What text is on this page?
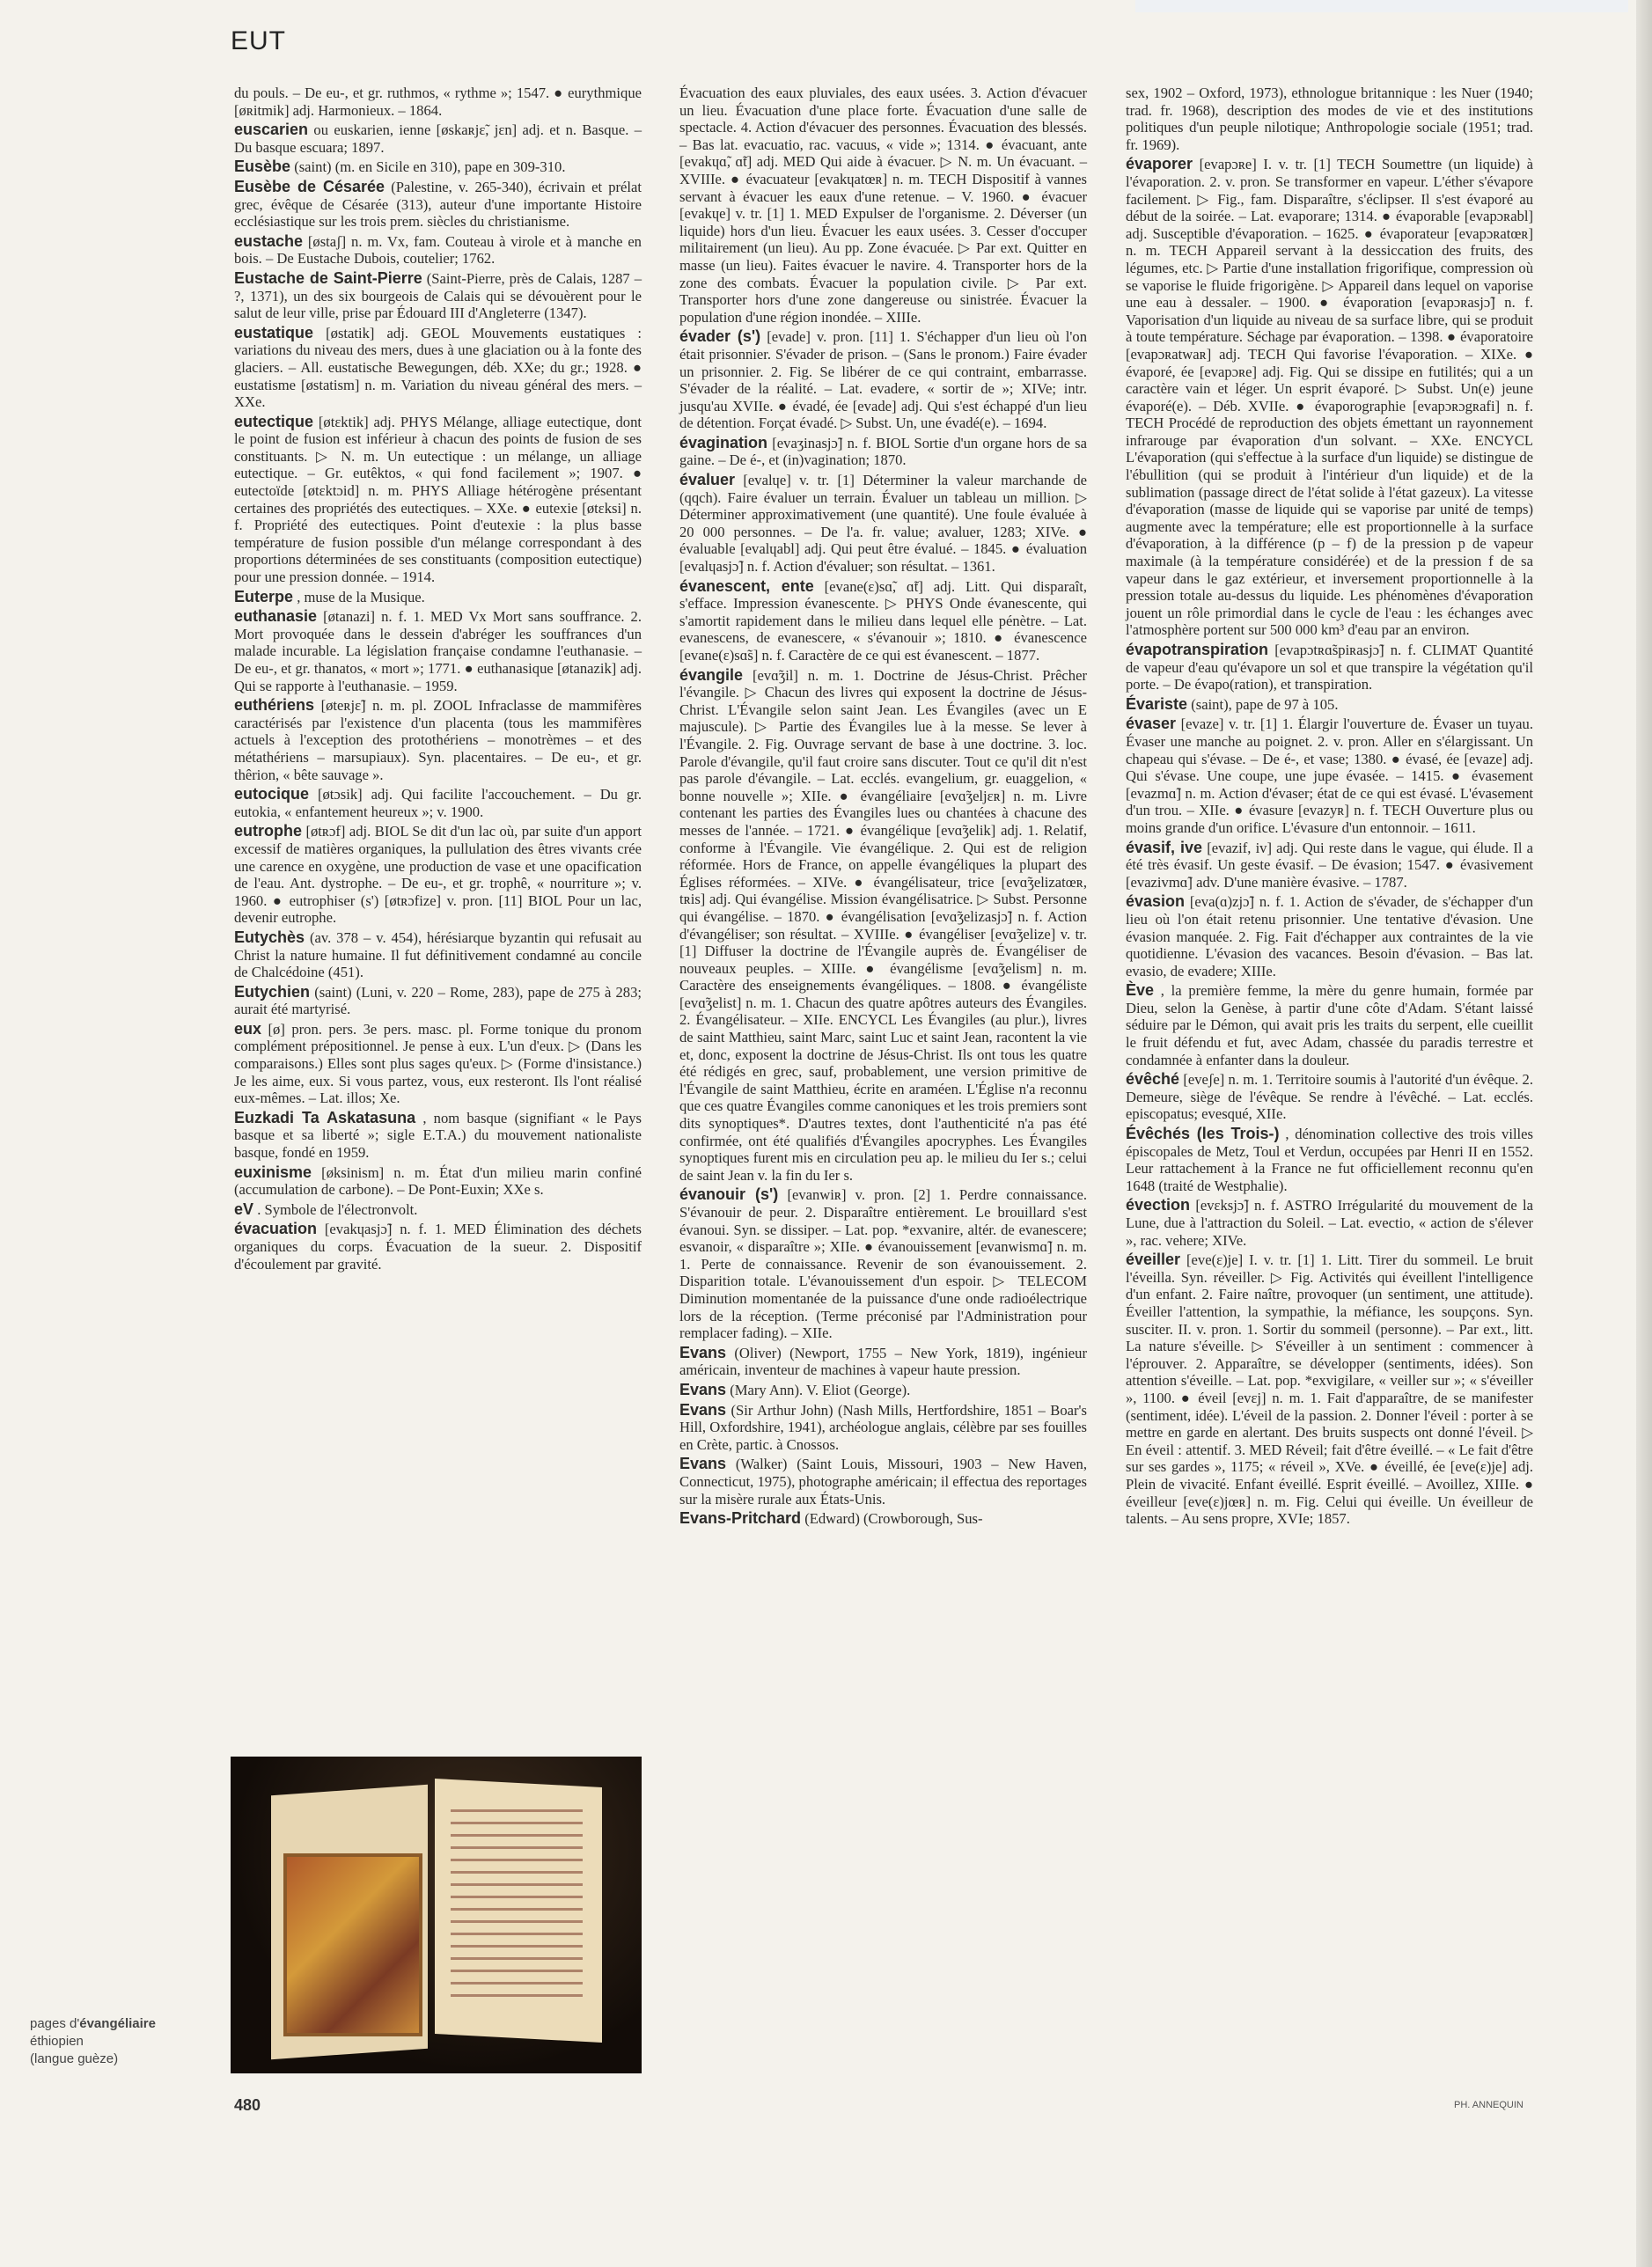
EUT

du pouls. – De eu-, et gr. ruthmos, « rythme »; 1547. ● eurythmique [øʀitmik] adj. Harmonieux. – 1864.

euscarien ou euskarien, ienne [øskaʀjɛ̃, jɛn] adj. et n. Basque. – Du basque escuara; 1897.

Eusèbe (saint) (m. en Sicile en 310), pape en 309-310.

Eusèbe de Césarée (Palestine, v. 265-340), écrivain et prélat grec, évêque de Césarée (313), auteur d'une importante Histoire ecclésiastique sur les trois prem. siècles du christianisme.

eustache [østaʃ] n. m. Vx, fam. Couteau à virole et à manche en bois. – De Eustache Dubois, coutelier; 1762.

Eustache de Saint-Pierre (Saint-Pierre, près de Calais, 1287 – ?, 1371), un des six bourgeois de Calais qui se dévouèrent pour le salut de leur ville, prise par Édouard III d'Angleterre (1347).

eustatique [østatik] adj. GEOL Mouvements eustatiques : variations du niveau des mers, dues à une glaciation ou à la fonte des glaciers. – All. eustatische Bewegungen, déb. XXe; du gr.; 1928. ● eustatisme [østatism] n. m. Variation du niveau général des mers. – XXe.

eutectique [øtɛktik] adj. PHYS Mélange, alliage eutectique, dont le point de fusion est inférieur à chacun des points de fusion de ses constituants. ▷ N. m. Un eutectique : un mélange, un alliage eutectique. – Gr. eutêktos, « qui fond facilement »; 1907. ● eutectoïde [øtɛktɔid] n. m. PHYS Alliage hétérogène présentant certaines des propriétés des eutectiques. – XXe. ● eutexie [øtɛksi] n. f. Propriété des eutectiques. Point d'eutexie : la plus basse température de fusion possible d'un mélange correspondant à des proportions déterminées de ses constituants (composition eutectique) pour une pression donnée. – 1914.

Euterpe , muse de la Musique.

euthanasie [øtanazi] n. f. 1. MED Vx Mort sans souffrance. 2. Mort provoquée dans le dessein d'abréger les souffrances d'un malade incurable. La législation française condamne l'euthanasie. – De eu-, et gr. thanatos, « mort »; 1771. ● euthanasique [øtanazik] adj. Qui se rapporte à l'euthanasie. – 1959.

euthériens [øteʀjɛ̃] n. m. pl. ZOOL Infraclasse de mammifères caractérisés par l'existence d'un placenta (tous les mammifères actuels à l'exception des protothériens – monotrèmes – et des métathériens – marsupiaux). Syn. placentaires. – De eu-, et gr. thêrion, « bête sauvage ».

eutocique [øtɔsik] adj. Qui facilite l'accouchement. – Du gr. eutokia, « enfantement heureux »; v. 1900.

eutrophe [øtʀɔf] adj. BIOL Se dit d'un lac où, par suite d'un apport excessif de matières organiques, la pullulation des êtres vivants crée une carence en oxygène, une production de vase et une opacification de l'eau. Ant. dystrophe. – De eu-, et gr. trophê, « nourriture »; v. 1960. ● eutrophiser (s') [øtʀɔfize] v. pron. [11] BIOL Pour un lac, devenir eutrophe.

Eutychès (av. 378 – v. 454), hérésiarque byzantin qui refusait au Christ la nature humaine. Il fut définitivement condamné au concile de Chalcédoine (451).

Eutychien (saint) (Luni, v. 220 – Rome, 283), pape de 275 à 283; aurait été martyrisé.

eux [ø] pron. pers. 3e pers. masc. pl. Forme tonique du pronom complément prépositionnel. Je pense à eux. L'un d'eux. ▷ (Dans les comparaisons.) Elles sont plus sages qu'eux. ▷ (Forme d'insistance.) Je les aime, eux. Si vous partez, vous, eux resteront. Ils l'ont réalisé eux-mêmes. – Lat. illos; Xe.

Euzkadi Ta Askatasuna , nom basque (signifiant « le Pays basque et sa liberté »; sigle E.T.A.) du mouvement nationaliste basque, fondé en 1959.

euxinisme [øksinism] n. m. État d'un milieu marin confiné (accumulation de carbone). – De Pont-Euxin; XXe s.

eV . Symbole de l'électronvolt.

évacuation [evakɥasjɔ̃] n. f. 1. MED Élimination des déchets organiques du corps. Évacuation de la sueur. 2. Dispositif d'écoulement par gravité.

Évacuation des eaux pluviales, des eaux usées. 3. Action d'évacuer un lieu. Évacuation d'une place forte. Évacuation d'une salle de spectacle. 4. Action d'évacuer des personnes. Évacuation des blessés. – Bas lat. evacuatio, rac. vacuus, « vide »; 1314. ● évacuant, ante [evakɥɑ̃, ɑ̃t] adj. MED Qui aide à évacuer. ▷ N. m. Un évacuant. – XVIIIe. ● évacuateur [evakɥatœʀ] n. m. TECH Dispositif à vannes servant à évacuer les eaux d'une retenue. – V. 1960. ● évacuer [evakɥe] v. tr. [1] 1. MED Expulser de l'organisme. 2. Déverser (un liquide) hors d'un lieu. Évacuer les eaux usées. 3. Cesser d'occuper militairement (un lieu). Au pp. Zone évacuée. ▷ Par ext. Quitter en masse (un lieu). Faites évacuer le navire. 4. Transporter hors de la zone des combats. Évacuer la population civile. ▷ Par ext. Transporter hors d'une zone dangereuse ou sinistrée. Évacuer la population d'une région inondée. – XIIIe.

évader (s') [evade] v. pron. [11] 1. S'échapper d'un lieu où l'on était prisonnier. S'évader de prison. – (Sans le pronom.) Faire évader un prisonnier. 2. Fig. Se libérer de ce qui contraint, embarrasse. S'évader de la réalité. – Lat. evadere, « sortir de »; XIVe; intr. jusqu'au XVIIe. ● évadé, ée [evade] adj. Qui s'est échappé d'un lieu de détention. Forçat évadé. ▷ Subst. Un, une évadé(e). – 1694.

évagination [evaʒinasjɔ̃] n. f. BIOL Sortie d'un organe hors de sa gaine. – De é-, et (in)vagination; 1870.

évaluer [evalɥe] v. tr. [1] Déterminer la valeur marchande de (qqch). Faire évaluer un terrain. Évaluer un tableau un million. ▷ Déterminer approximativement (une quantité). Une foule évaluée à 20 000 personnes. – De l'a. fr. value; avaluer, 1283; XIVe. ● évaluable [evalɥabl] adj. Qui peut être évalué. – 1845. ● évaluation [evalɥasjɔ̃] n. f. Action d'évaluer; son résultat. – 1361.

évanescent, ente [evane(ɛ)sɑ̃, ɑ̃t] adj. Litt. Qui disparaît, s'efface. Impression évanescente. ▷ PHYS Onde évanescente, qui s'amortit rapidement dans le milieu dans lequel elle pénètre. – Lat. evanescens, de evanescere, « s'évanouir »; 1810. ● évanescence [evane(ɛ)sɑ̃s] n. f. Caractère de ce qui est évanescent. – 1877.

évangile [evɑ̃ʒil] n. m. 1. Doctrine de Jésus-Christ. Prêcher l'évangile. ▷ Chacun des livres qui exposent la doctrine de Jésus-Christ. L'Évangile selon saint Jean. Les Évangiles (avec un E majuscule). ▷ Partie des Évangiles lue à la messe. Se lever à l'Évangile. 2. Fig. Ouvrage servant de base à une doctrine. 3. loc. Parole d'évangile, qu'il faut croire sans discuter. Tout ce qu'il dit n'est pas parole d'évangile. – Lat. ecclés. evangelium, gr. euaggelion, « bonne nouvelle »; XIIe. ● évangéliaire [evɑ̃ʒeljɛʀ] n. m. Livre contenant les parties des Évangiles lues ou chantées à chacune des messes de l'année. – 1721. ● évangélique [evɑ̃ʒelik] adj. 1. Relatif, conforme à l'Évangile. Vie évangélique. 2. Qui est de religion réformée. Hors de France, on appelle évangéliques la plupart des Églises réformées. – XIVe. ● évangélisateur, trice [evɑ̃ʒelizatœʀ, tʀis] adj. Qui évangélise. Mission évangélisatrice. ▷ Subst. Personne qui évangélise. – 1870. ● évangélisation [evɑ̃ʒelizasjɔ̃] n. f. Action d'évangéliser; son résultat. – XVIIIe. ● évangéliser [evɑ̃ʒelize] v. tr. [1] Diffuser la doctrine de l'Évangile auprès de. Évangéliser de nouveaux peuples. – XIIIe. ● évangélisme [evɑ̃ʒelism] n. m. Caractère des enseignements évangéliques. – 1808. ● évangéliste [evɑ̃ʒelist] n. m. 1. Chacun des quatre apôtres auteurs des Évangiles. 2. Évangélisateur. – XIIe. ENCYCL Les Évangiles (au plur.), livres de saint Matthieu, saint Marc, saint Luc et saint Jean, racontent la vie et, donc, exposent la doctrine de Jésus-Christ. Ils ont tous les quatre été rédigés en grec, sauf, probablement, une version primitive de l'Évangile de saint Matthieu, écrite en araméen. L'Église n'a reconnu que ces quatre Évangiles comme canoniques et les trois premiers sont dits synoptiques*. D'autres textes, dont l'authenticité n'a pas été confirmée, ont été qualifiés d'Évangiles apocryphes. Les Évangiles synoptiques furent mis en circulation peu ap. le milieu du Ier s.; celui de saint Jean v. la fin du Ier s.

évanouir (s') [evanwiʀ] v. pron. [2] 1. Perdre connaissance. S'évanouir de peur. 2. Disparaître entièrement. Le brouillard s'est évanoui. Syn. se dissiper. – Lat. pop. *exvanire, altér. de evanescere; esvanoir, « disparaître »; XIIe. ● évanouissement [evanwismɑ̃] n. m. 1. Perte de connaissance. Revenir de son évanouissement. 2. Disparition totale. L'évanouissement d'un espoir. ▷ TELECOM Diminution momentanée de la puissance d'une onde radioélectrique lors de la réception. (Terme préconisé par l'Administration pour remplacer fading). – XIIe.

Evans (Oliver) (Newport, 1755 – New York, 1819), ingénieur américain, inventeur de machines à vapeur haute pression.

Evans (Mary Ann). V. Eliot (George).

Evans (Sir Arthur John) (Nash Mills, Hertfordshire, 1851 – Boar's Hill, Oxfordshire, 1941), archéologue anglais, célèbre par ses fouilles en Crète, partic. à Cnossos.

Evans (Walker) (Saint Louis, Missouri, 1903 – New Haven, Connecticut, 1975), photographe américain; il effectua des reportages sur la misère rurale aux États-Unis.

Evans-Pritchard (Edward) (Crowborough, Sus-

sex, 1902 – Oxford, 1973), ethnologue britannique : les Nuer (1940; trad. fr. 1968), description des modes de vie et des institutions politiques d'un peuple nilotique; Anthropologie sociale (1951; trad. fr. 1969).

évaporer [evapɔʀe] I. v. tr. [1] TECH Soumettre (un liquide) à l'évaporation. 2. v. pron. Se transformer en vapeur. L'éther s'évapore facilement. ▷ Fig., fam. Disparaître, s'éclipser. Il s'est évaporé au début de la soirée. – Lat. evaporare; 1314. ● évaporable [evapɔʀabl] adj. Susceptible d'évaporation. – 1625. ● évaporateur [evapɔʀatœʀ] n. m. TECH Appareil servant à la dessiccation des fruits, des légumes, etc. ▷ Partie d'une installation frigorifique, compression où se vaporise le fluide frigorigène. ▷ Appareil dans lequel on vaporise une eau à dessaler. – 1900. ● évaporation [evapɔʀasjɔ̃] n. f. Vaporisation d'un liquide au niveau de sa surface libre, qui se produit à toute température. Séchage par évaporation. – 1398. ● évaporatoire [evapɔʀatwaʀ] adj. TECH Qui favorise l'évaporation. – XIXe. ● évaporé, ée [evapɔʀe] adj. Fig. Qui se dissipe en futilités; qui a un caractère vain et léger. Un esprit évaporé. ▷ Subst. Un(e) jeune évaporé(e). – Déb. XVIIe. ● évaporographie [evapɔʀɔgʀafi] n. f. TECH Procédé de reproduction des objets émettant un rayonnement infrarouge par évaporation d'un solvant. – XXe. ENCYCL L'évaporation (qui s'effectue à la surface d'un liquide) se distingue de l'ébullition (qui se produit à l'intérieur d'un liquide) et de la sublimation (passage direct de l'état solide à l'état gazeux). La vitesse d'évaporation (masse de liquide qui se vaporise par unité de temps) augmente avec la température; elle est proportionnelle à la surface d'évaporation, à la différence (p – f) de la pression p de vapeur maximale (à la température considérée) et de la pression f de sa vapeur dans le gaz extérieur, et inversement proportionnelle à la pression totale au-dessus du liquide. Les phénomènes d'évaporation jouent un rôle primordial dans le cycle de l'eau : les échanges avec l'atmosphère portent sur 500 000 km³ d'eau par an environ.

évapotranspiration [evapɔtʀɑ̃spiʀasjɔ̃] n. f. CLIMAT Quantité de vapeur d'eau qu'évapore un sol et que transpire la végétation qu'il porte. – De évapo(ration), et transpiration.

Évariste (saint), pape de 97 à 105.

évaser [evaze] v. tr. [1] 1. Élargir l'ouverture de. Évaser un tuyau. Évaser une manche au poignet. 2. v. pron. Aller en s'élargissant. Un chapeau qui s'évase. – De é-, et vase; 1380. ● évasé, ée [evaze] adj. Qui s'évase. Une coupe, une jupe évasée. – 1415. ● évasement [evazmɑ̃] n. m. Action d'évaser; état de ce qui est évasé. L'évasement d'un trou. – XIIe. ● évasure [evazyʀ] n. f. TECH Ouverture plus ou moins grande d'un orifice. L'évasure d'un entonnoir. – 1611.

évasif, ive [evazif, iv] adj. Qui reste dans le vague, qui élude. Il a été très évasif. Un geste évasif. – De évasion; 1547. ● évasivement [evazivmɑ̃] adv. D'une manière évasive. – 1787.

évasion [eva(ɑ)zjɔ̃] n. f. 1. Action de s'évader, de s'échapper d'un lieu où l'on était retenu prisonnier. Une tentative d'évasion. Une évasion manquée. 2. Fig. Fait d'échapper aux contraintes de la vie quotidienne. L'évasion des vacances. Besoin d'évasion. – Bas lat. evasio, de evadere; XIIIe.

Ève , la première femme, la mère du genre humain, formée par Dieu, selon la Genèse, à partir d'une côte d'Adam. S'étant laissé séduire par le Démon, qui avait pris les traits du serpent, elle cueillit le fruit défendu et fut, avec Adam, chassée du paradis terrestre et condamnée à enfanter dans la douleur.

évêché [eveʃe] n. m. 1. Territoire soumis à l'autorité d'un évêque. 2. Demeure, siège de l'évêque. Se rendre à l'évêché. – Lat. ecclés. episcopatus; evesqué, XIIe.

Évêchés (les Trois-) , dénomination collective des trois villes épiscopales de Metz, Toul et Verdun, occupées par Henri II en 1552. Leur rattachement à la France ne fut officiellement reconnu qu'en 1648 (traité de Westphalie).

évection [evɛksjɔ̃] n. f. ASTRO Irrégularité du mouvement de la Lune, due à l'attraction du Soleil. – Lat. evectio, « action de s'élever », rac. vehere; XIVe.

éveiller [eve(ɛ)je] I. v. tr. [1] 1. Litt. Tirer du sommeil. Le bruit l'éveilla. Syn. réveiller. ▷ Fig. Activités qui éveillent l'intelligence d'un enfant. 2. Faire naître, provoquer (un sentiment, une attitude). Éveiller l'attention, la sympathie, la méfiance, les soupçons. Syn. susciter. II. v. pron. 1. Sortir du sommeil (personne). – Par ext., litt. La nature s'éveille. ▷ S'éveiller à un sentiment : commencer à l'éprouver. 2. Apparaître, se développer (sentiments, idées). Son attention s'éveille. – Lat. pop. *exvigilare, « veiller sur »; « s'éveiller », 1100. ● éveil [evɛj] n. m. 1. Fait d'apparaître, de se manifester (sentiment, idée). L'éveil de la passion. 2. Donner l'éveil : porter à se mettre en garde en alertant. Des bruits suspects ont donné l'éveil. ▷ En éveil : attentif. 3. MED Réveil; fait d'être éveillé. – « Le fait d'être sur ses gardes », 1175; « réveil », XVe. ● éveillé, ée [eve(ɛ)je] adj. Plein de vivacité. Enfant éveillé. Esprit éveillé. – Avoillez, XIIIe. ● éveilleur [eve(ɛ)jœʀ] n. m. Fig. Celui qui éveille. Un éveilleur de talents. – Au sens propre, XVIe; 1857.

pages d'évangéliaire
éthiopien
(langue guèze)
480	PH. ANNEQUIN
